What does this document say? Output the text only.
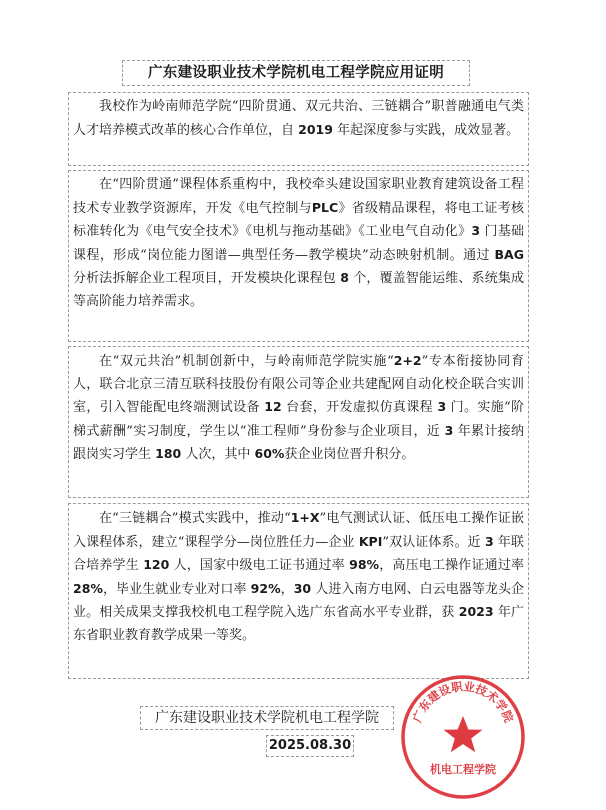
广东建设职业技术学院机电工程学院应用证明
我校作为岭南师范学院“四阶贯通、双元共治、三链耦合”职普融通电气类人才培养模式改革的核心合作单位，自 2019 年起深度参与实践，成效显著。
在“四阶贯通”课程体系重构中，我校牵头建设国家职业教育建筑设备工程技术专业教学资源库，开发《电气控制与PLC》省级精品课程，将电工证考核标准转化为《电气安全技术》《电机与拖动基础》《工业电气自动化》3 门基础课程，形成“岗位能力图谱—典型任务—教学模块”动态映射机制。通过 BAG 分析法拆解企业工程项目，开发模块化课程包 8 个，覆盖智能运维、系统集成等高阶能力培养需求。
在“双元共治”机制创新中，与岭南师范学院实施“2+2”专本衔接协同育人，联合北京三清互联科技股份有限公司等企业共建配网自动化校企联合实训室，引入智能配电终端测试设备 12 台套，开发虚拟仿真课程 3 门。实施“阶梯式薪酬”实习制度，学生以“准工程师”身份参与企业项目，近 3 年累计接纳跟岗实习学生 180 人次，其中 60%获企业岗位晋升积分。
在“三链耦合”模式实践中，推动“1+X”电气测试认证、低压电工操作证嵌入课程体系，建立“课程学分—岗位胜任力—企业 KPI”双认证体系。近 3 年联合培养学生 120 人，国家中级电工证书通过率 98%，高压电工操作证通过率 28%，毕业生就业专业对口率 92%，30 人进入南方电网、白云电器等龙头企业。相关成果支撑我校机电工程学院入选广东省高水平专业群，获 2023 年广东省职业教育教学成果一等奖。
广东建设职业技术学院机电工程学院
2025.08.30
广东建设职业技术学院
机电工程学院
